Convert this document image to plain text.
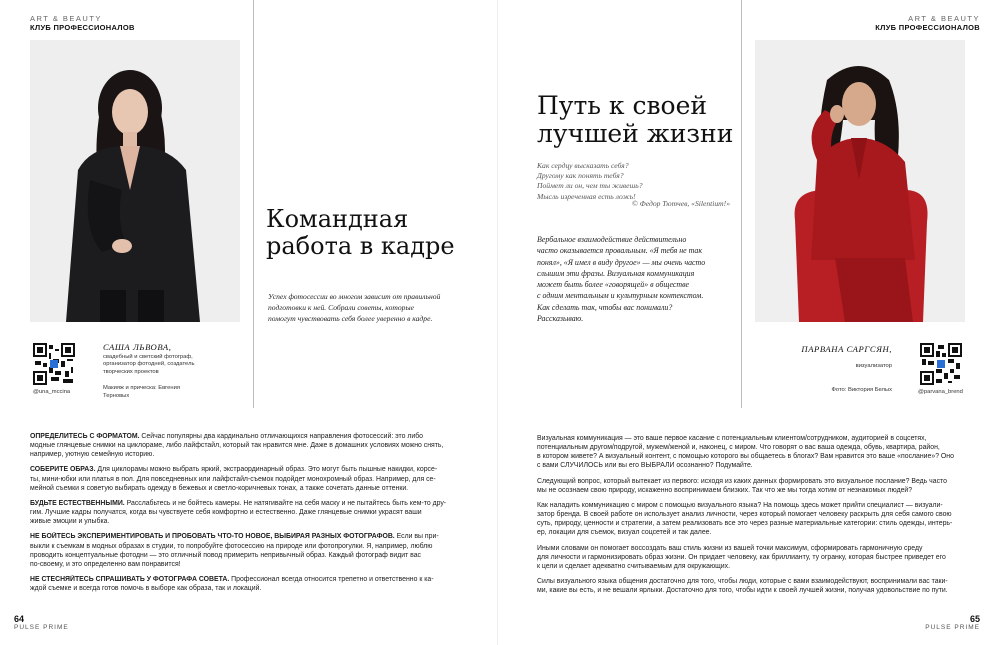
ART & BEAUTY
КЛУБ ПРОФЕССИОНАЛОВ
Командная
работа в кадре
Успех фотосессии во многом зависит от правильной
подготовки к ней. Собрали советы, которые
помогут чувствовать себя более уверенно в кадре.
@una_mccina
САША ЛЬВОВА,
свадебный и светский фотограф,
организатор фотодней, создатель
творческих проектов
Макияж и прическа: Евгения
Терновых
ОПРЕДЕЛИТЕСЬ С ФОРМАТОМ. Сейчас популярны два кардинально отличающихся направления фотосессий: это либо
модные глянцевые снимки на циклораме, либо лайфстайл, который так нравится мне. Даже в домашних условиях можно снять,
например, уютную семейную историю.
СОБЕРИТЕ ОБРАЗ. Для циклорамы можно выбрать яркий, экстраординарный образ. Это могут быть пышные накидки, корсе-
ты, мини-юбки или платья в пол. Для повседневных или лайфстайл-съемок подойдет монохромный образ. Например, для се-
мейной съемки я советую выбирать одежду в бежевых и светло-коричневых тонах, а также сочетать данные оттенки.
БУДЬТЕ ЕСТЕСТВЕННЫМИ. Расслабьтесь и не бойтесь камеры. Не натягивайте на себя маску и не пытайтесь быть кем-то дру-
гим. Лучшие кадры получатся, когда вы чувствуете себя комфортно и естественно. Даже глянцевые снимки украсят ваши
живые эмоции и улыбка.
НЕ БОЙТЕСЬ ЭКСПЕРИМЕНТИРОВАТЬ И ПРОБОВАТЬ ЧТО-ТО НОВОЕ, ВЫБИРАЯ РАЗНЫХ ФОТОГРАФОВ. Если вы при-
выкли к съемкам в модных образах в студии, то попробуйте фотосессию на природе или фотопрогулки. Я, например, люблю
проводить концептуальные фотодни — это отличный повод примерить непривычный образ. Каждый фотограф видит вас
по-своему, и это определенно вам понравится!
НЕ СТЕСНЯЙТЕСЬ СПРАШИВАТЬ У ФОТОГРАФА СОВЕТА. Профессионал всегда относится трепетно и ответственно к ка-
ждой съемке и всегда готов помочь в выборе как образа, так и локаций.
64
PULSE PRIME
ART & BEAUTY
КЛУБ ПРОФЕССИОНАЛОВ
Путь к своей
лучшей жизни
Как сердцу высказать себя?
Другому как понять тебя?
Поймет ли он, чем ты живешь?
Мысль изреченная есть ложь!
© Федор Тютчев, «Silentium!»
Вербальное взаимодействие действительно
часто оказывается провальным. «Я тебя не так
понял», «Я имел в виду другое» — мы очень часто
слышим эти фразы. Визуальная коммуникация
может быть более «говорящей» в обществе
с одним ментальным и культурным контекстом.
Как сделать так, чтобы вас понимали?
Рассказываю.
ПАРВАНА САРГСЯН,
визуализатор
Фото: Виктория Белых	@parvana_brend
Визуальная коммуникация — это ваше первое касание с потенциальным клиентом/сотрудником, аудиторией в соцсетях,
потенциальным другом/подругой, мужем/женой и, наконец, с миром. Что говорят о вас ваша одежда, обувь, квартира, район,
в котором живете? А визуальный контент, с помощью которого вы общаетесь в блогах? Вам нравится это ваше «послание»? Оно
с вами СЛУЧИЛОСЬ или вы его ВЫБРАЛИ осознанно? Подумайте.
Следующий вопрос, который вытекает из первого: исходя из каких данных формировать это визуальное послание? Ведь часто
мы не осознаем свою природу, искаженно воспринимаем близких. Так что же мы тогда хотим от незнакомых людей?
Как наладить коммуникацию с миром с помощью визуального языка? На помощь здесь может прийти специалист — визуали-
затор бренда. В своей работе он использует анализ личности, через который помогает человеку раскрыть для себя самого свою
суть, природу, ценности и стратегии, а затем реализовать все это через разные материальные категории: стиль одежды, интерь-
ер, локации для съемок, визуал соцсетей и так далее.
Иными словами он помогает воссоздать ваш стиль жизни из вашей точки максимум, сформировать гармоничную среду
для личности и гармонизировать образ жизни. Он придает человеку, как бриллианту, ту огранку, которая быстрее приведет его
к цели и сделает адекватно считываемым для окружающих.
Силы визуального языка общения достаточно для того, чтобы люди, которые с вами взаимодействуют, воспринимали вас таки-
ми, какие вы есть, и не вешали ярлыки. Достаточно для того, чтобы идти к своей лучшей жизни, получая удовольствие по пути.
65
PULSE PRIME
